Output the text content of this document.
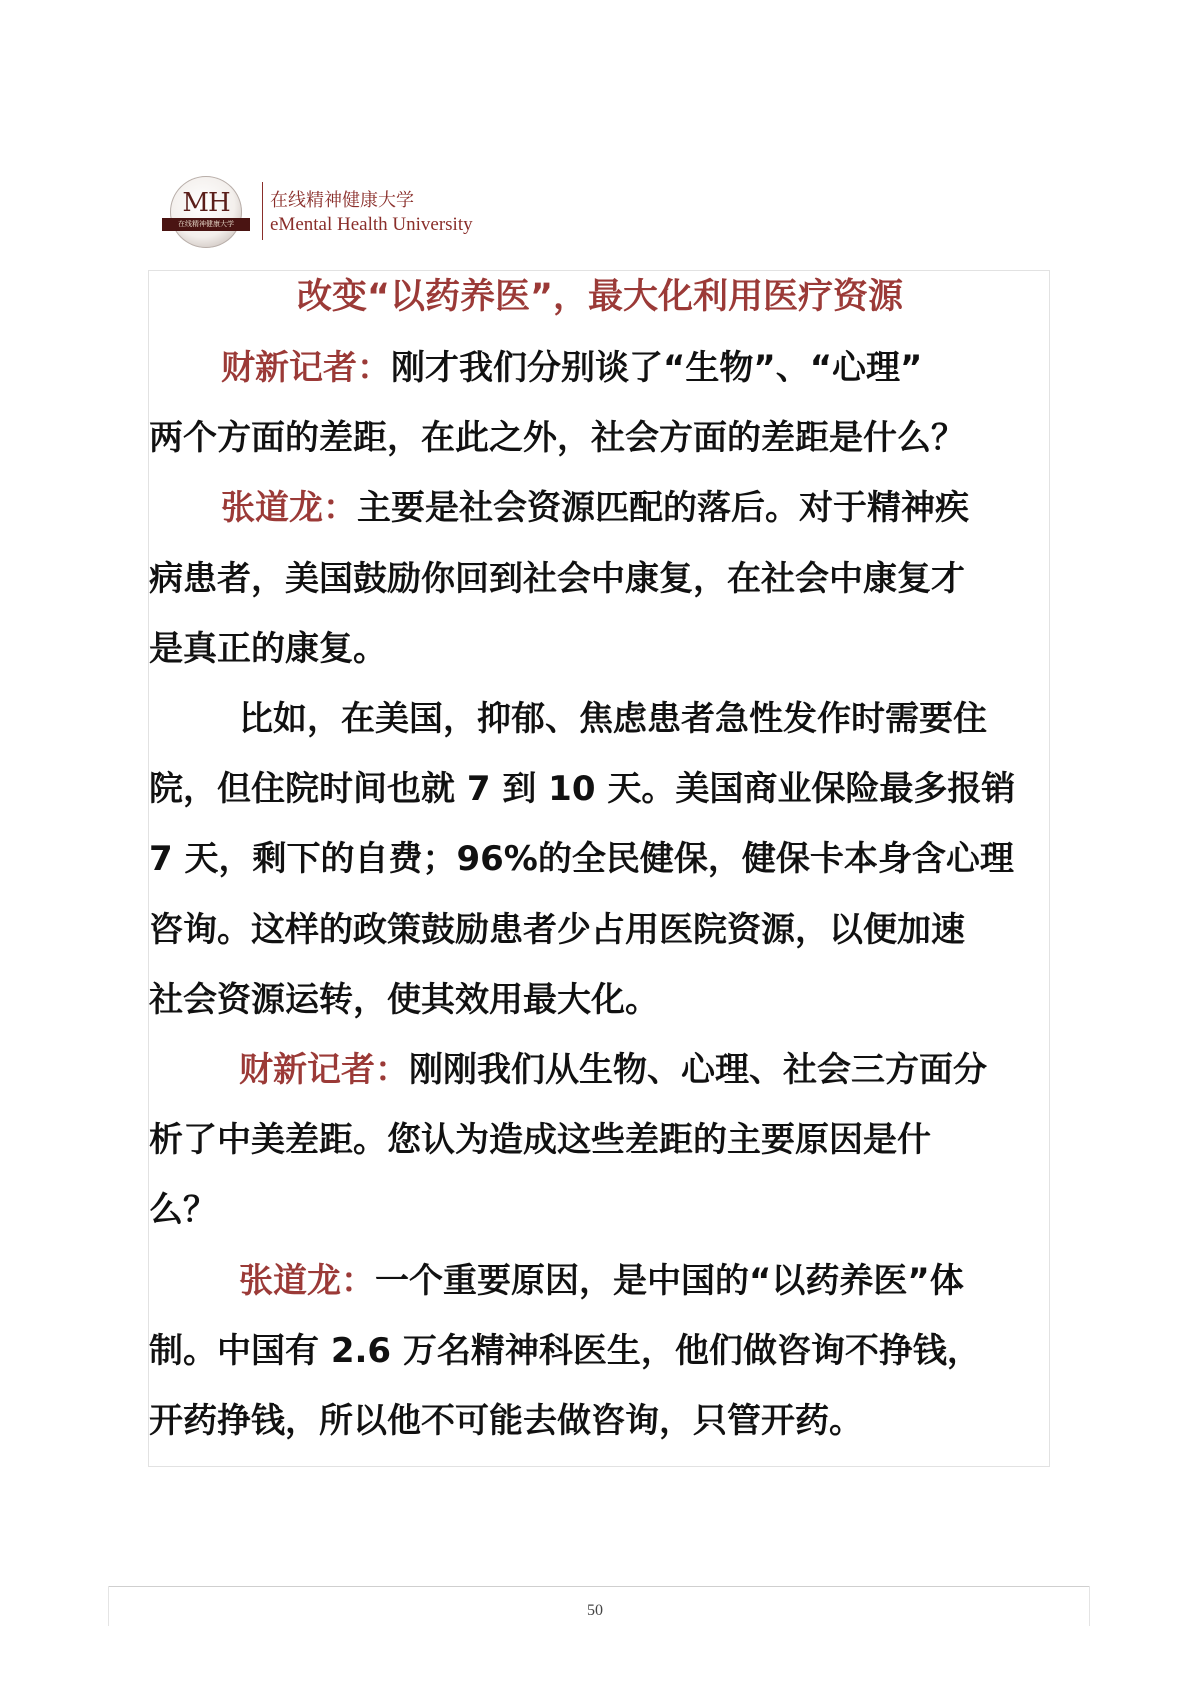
MH
在线精神健康大学
在线精神健康大学
eMental Health University
改变“以药养医”，最大化利用医疗资源
财新记者：刚才我们分别谈了“生物”、“心理”
两个方面的差距，在此之外，社会方面的差距是什么？
张道龙：主要是社会资源匹配的落后。对于精神疾
病患者，美国鼓励你回到社会中康复，在社会中康复才
是真正的康复。
比如，在美国，抑郁、焦虑患者急性发作时需要住
院，但住院时间也就 7 到 10 天。美国商业保险最多报销
7 天，剩下的自费；96%的全民健保，健保卡本身含心理
咨询。这样的政策鼓励患者少占用医院资源，以便加速
社会资源运转，使其效用最大化。
财新记者：刚刚我们从生物、心理、社会三方面分
析了中美差距。您认为造成这些差距的主要原因是什
么？
张道龙：一个重要原因，是中国的“以药养医”体
制。中国有 2.6 万名精神科医生，他们做咨询不挣钱，
开药挣钱，所以他不可能去做咨询，只管开药。
50
